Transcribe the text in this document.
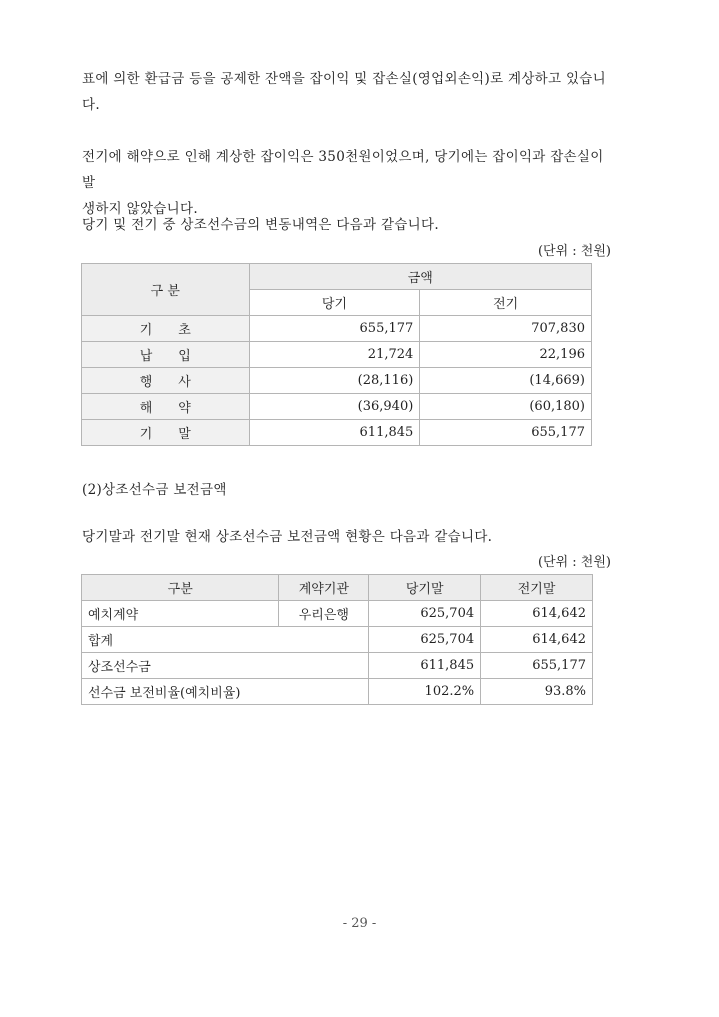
표에 의한 환급금 등을 공제한 잔액을 잡이익 및 잡손실(영업외손익)로 계상하고 있습니
다.
전기에 해약으로 인해 계상한 잡이익은 350천원이었으며, 당기에는 잡이익과 잡손실이 발
생하지 않았습니다.
당기 및 전기 중 상조선수금의 변동내역은 다음과 같습니다.
(단위 : 천원)
구 분	금액	
	당기	전기
기 초	655,177	707,830
납 입	21,724	22,196
행 사	(28,116)	(14,669)
해 약	(36,940)	(60,180)
기 말	611,845	655,177
(2)상조선수금 보전금액
당기말과 전기말 현재 상조선수금 보전금액 현황은 다음과 같습니다.
(단위 : 천원)
구분	계약기관	당기말	전기말
예치계약	우리은행	625,704	614,642
합계		625,704	614,642
상조선수금		611,845	655,177
선수금 보전비율(예치비율)		102.2%	93.8%
- 29 -
